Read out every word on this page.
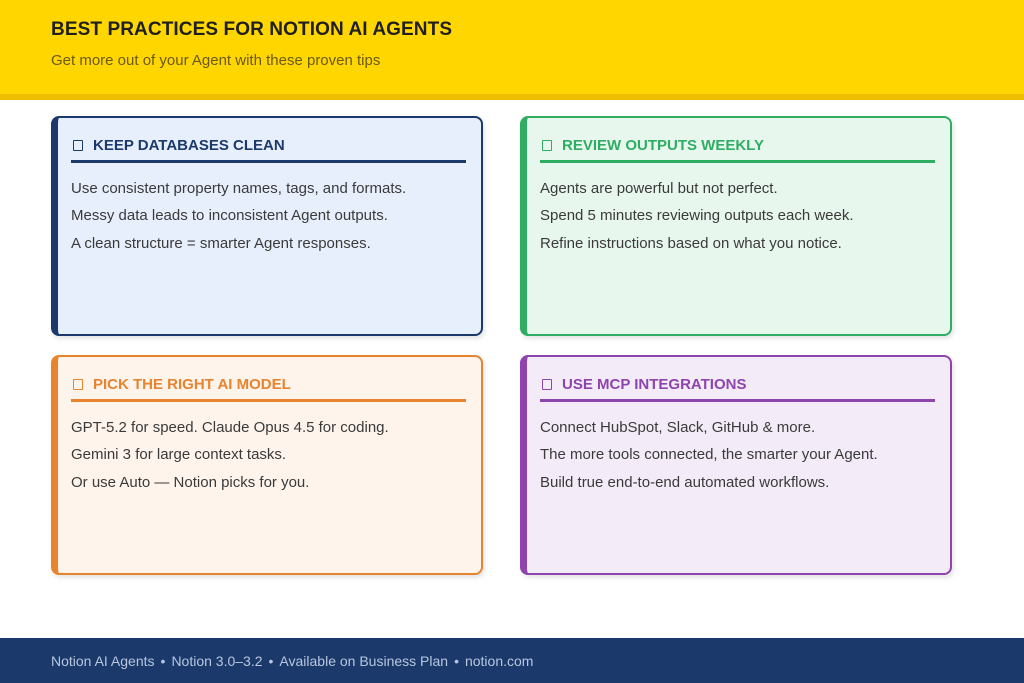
BEST PRACTICES FOR NOTION AI AGENTS
Get more out of your Agent with these proven tips
KEEP DATABASES CLEAN
Use consistent property names, tags, and formats.
Messy data leads to inconsistent Agent outputs.
A clean structure = smarter Agent responses.
REVIEW OUTPUTS WEEKLY
Agents are powerful but not perfect.
Spend 5 minutes reviewing outputs each week.
Refine instructions based on what you notice.
PICK THE RIGHT AI MODEL
GPT-5.2 for speed. Claude Opus 4.5 for coding.
Gemini 3 for large context tasks.
Or use Auto — Notion picks for you.
USE MCP INTEGRATIONS
Connect HubSpot, Slack, GitHub & more.
The more tools connected, the smarter your Agent.
Build true end-to-end automated workflows.
Notion AI Agents • Notion 3.0–3.2 • Available on Business Plan • notion.com
